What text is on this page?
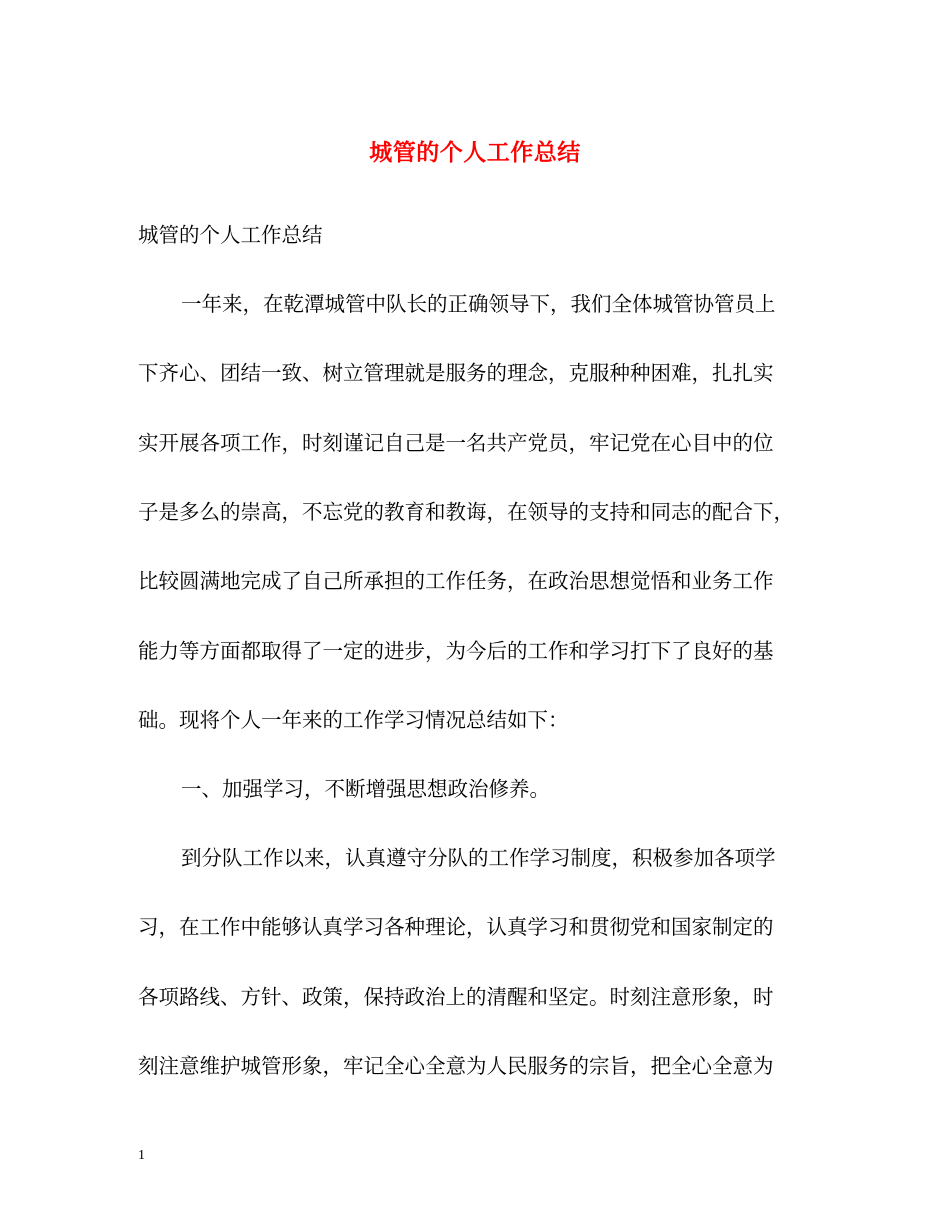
城管的个人工作总结
城管的个人工作总结
一年来，在乾潭城管中队长的正确领导下，我们全体城管协管员上
下齐心、团结一致、树立管理就是服务的理念，克服种种困难，扎扎实
实开展各项工作，时刻谨记自己是一名共产党员，牢记党在心目中的位
子是多么的崇高，不忘党的教育和教诲，在领导的支持和同志的配合下，
比较圆满地完成了自己所承担的工作任务，在政治思想觉悟和业务工作
能力等方面都取得了一定的进步，为今后的工作和学习打下了良好的基
础。现将个人一年来的工作学习情况总结如下：
一、加强学习，不断增强思想政治修养。
到分队工作以来，认真遵守分队的工作学习制度，积极参加各项学
习，在工作中能够认真学习各种理论，认真学习和贯彻党和国家制定的
各项路线、方针、政策，保持政治上的清醒和坚定。时刻注意形象，时
刻注意维护城管形象，牢记全心全意为人民服务的宗旨，把全心全意为
1
